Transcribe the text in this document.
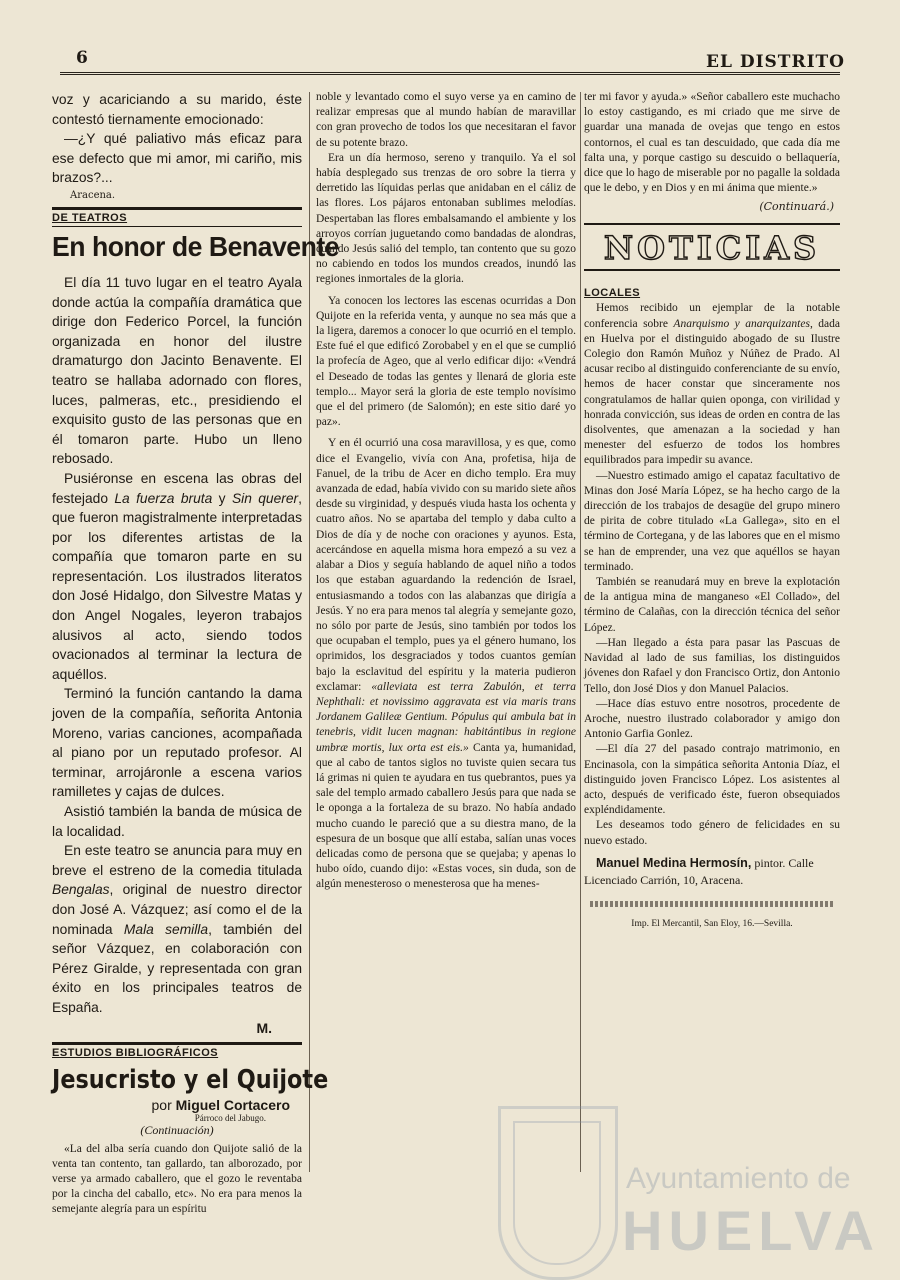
6	EL DISTRITO

voz y acariciando a su marido, éste contestó tiernamente emocionado:

—¿Y qué paliativo más eficaz para ese defecto que mi amor, mi cariño, mis brazos?...

Aracena.

DE TEATROS
En honor de Benavente

El día 11 tuvo lugar en el teatro Ayala donde actúa la compañía dramática que dirige don Federico Porcel, la función organizada en honor del ilustre dramaturgo don Jacinto Benavente. El teatro se hallaba adornado con flores, luces, palmeras, etc., presidiendo el exquisito gusto de las personas que en él tomaron parte. Hubo un lleno rebosado.

Pusiéronse en escena las obras del festejado La fuerza bruta y Sin querer, que fueron magistralmente interpretadas por los diferentes artistas de la compañía que tomaron parte en su representación. Los ilustrados literatos don José Hidalgo, don Silvestre Matas y don Angel Nogales, leyeron trabajos alusivos al acto, siendo todos ovacionados al terminar la lectura de aquéllos.

Terminó la función cantando la dama joven de la compañía, señorita Antonia Moreno, varias canciones, acompañada al piano por un reputado profesor. Al terminar, arrojáronle a escena varios ramilletes y cajas de dulces.

Asistió también la banda de música de la localidad.

En este teatro se anuncia para muy en breve el estreno de la comedia titulada Bengalas, original de nuestro director don José A. Vázquez; así como el de la nominada Mala semilla, también del señor Vázquez, en colaboración con Pérez Giralde, y representada con gran éxito en los principales teatros de España.

M.
ESTUDIOS BIBLIOGRÁFICOS
Jesucristo y el Quijote
por Miguel Cortacero
Párroco del Jabugo.
(Continuación)

«La del alba sería cuando don Quijote salió de la venta tan contento, tan gallardo, tan alborozado, por verse ya armado caballero, que el gozo le reventaba por la cincha del caballo, etc». No era para menos la semejante alegría para un espíritu

noble y levantado como el suyo verse ya en camino de realizar empresas que al mundo habían de maravillar con gran provecho de todos los que necesitaran el favor de su potente brazo.

Era un día hermoso, sereno y tranquilo. Ya el sol había desplegado sus trenzas de oro sobre la tierra y derretido las líquidas perlas que anidaban en el cáliz de las flores. Los pájaros entonaban sublimes melodías. Despertaban las flores embalsamando el ambiente y los arroyos corrían juguetando como bandadas de alondras, cuando Jesús salió del templo, tan contento que su gozo no cabiendo en todos los mundos creados, inundó las regiones inmortales de la gloria.

Ya conocen los lectores las escenas ocurridas a Don Quijote en la referida venta, y aunque no sea más que a la ligera, daremos a conocer lo que ocurrió en el templo. Este fué el que edificó Zorobabel y en el que se cumplió la profecía de Ageo, que al verlo edificar dijo: «Vendrá el Deseado de todas las gentes y llenará de gloria este templo... Mayor será la gloria de este templo novísimo que el del primero (de Salomón); en este sitio daré yo paz».

Y en él ocurrió una cosa maravillosa, y es que, como dice el Evangelio, vivía con Ana, profetisa, hija de Fanuel, de la tribu de Acer en dicho templo. Era muy avanzada de edad, había vivido con su marido siete años desde su virginidad, y después viuda hasta los ochenta y cuatro años. No se apartaba del templo y daba culto a Dios de día y de noche con oraciones y ayunos. Esta, acercándose en aquella misma hora empezó a su vez a alabar a Dios y seguía hablando de aquel niño a todos los que estaban aguardando la redención de Israel, entusiasmando a todos con las alabanzas que dirigía a Jesús. Y no era para menos tal alegría y semejante gozo, no sólo por parte de Jesús, sino también por todos los que ocupaban el templo, pues ya el género humano, los oprimidos, los desgraciados y todos cuantos gemían bajo la esclavitud del espíritu y la materia pudieron exclamar: «alleviata est terra Zabulón, et terra Nephthali: et novissimo aggravata est via maris trans Jordanem Galileæ Gentium. Pópulus qui ambula bat in tenebris, vidit lucen magnan: habitántibus in regione umbræ mortis, lux orta est eis.» Canta ya, humanidad, que al cabo de tantos siglos no tuviste quien secara tus lá grimas ni quien te ayudara en tus quebrantos, pues ya sale del templo armado caballero Jesús para que nada se le oponga a la fortaleza de su brazo. No había andado mucho cuando le pareció que a su diestra mano, de la espesura de un bosque que allí estaba, salían unas voces delicadas como de persona que se quejaba; y apenas lo hubo oído, cuando dijo: «Estas voces, sin duda, son de algún menesteroso o menesterosa que ha menes-

ter mi favor y ayuda.» «Señor caballero este muchacho lo estoy castigando, es mi criado que me sirve de guardar una manada de ovejas que tengo en estos contornos, el cual es tan descuidado, que cada día me falta una, y porque castigo su descuido o bellaquería, dice que lo hago de miserable por no pagalle la soldada que le debo, y en Dios y en mi ánima que miente.»

(Continuará.)
NOTICIAS
LOCALES

Hemos recibido un ejemplar de la notable conferencia sobre Anarquismo y anarquizantes, dada en Huelva por el distinguido abogado de su Ilustre Colegio don Ramón Muñoz y Núñez de Prado. Al acusar recibo al distinguido conferenciante de su envío, hemos de hacer constar que sinceramente nos congratulamos de hallar quien oponga, con virilidad y honrada convicción, sus ideas de orden en contra de las disolventes, que amenazan a la sociedad y han menester del esfuerzo de todos los hombres equilibrados para impedir su avance.

—Nuestro estimado amigo el capataz facultativo de Minas don José María López, se ha hecho cargo de la dirección de los trabajos de desagüe del grupo minero de pirita de cobre titulado «La Gallega», sito en el término de Cortegana, y de las labores que en el mismo se han de emprender, una vez que aquéllos se hayan terminado.

También se reanudará muy en breve la explotación de la antigua mina de manganeso «El Collado», del término de Calañas, con la dirección técnica del señor López.

—Han llegado a ésta para pasar las Pascuas de Navidad al lado de sus familias, los distinguidos jóvenes don Rafael y don Francisco Ortiz, don Antonio Tello, don José Dios y don Manuel Palacios.

—Hace días estuvo entre nosotros, procedente de Aroche, nuestro ilustrado colaborador y amigo don Antonio Garfia Gonlez.

—El día 27 del pasado contrajo matrimonio, en Encinasola, con la simpática señorita Antonia Díaz, el distinguido joven Francisco López. Los asistentes al acto, después de verificado éste, fueron obsequiados expléndidamente.

Les deseamos todo género de felicidades en su nuevo estado.

Manuel Medina Hermosín, pintor. Calle Licenciado Carrión, 10, Aracena.

Imp. El Mercantil, San Eloy, 16.—Sevilla.

Ayuntamiento de
HUELVA
